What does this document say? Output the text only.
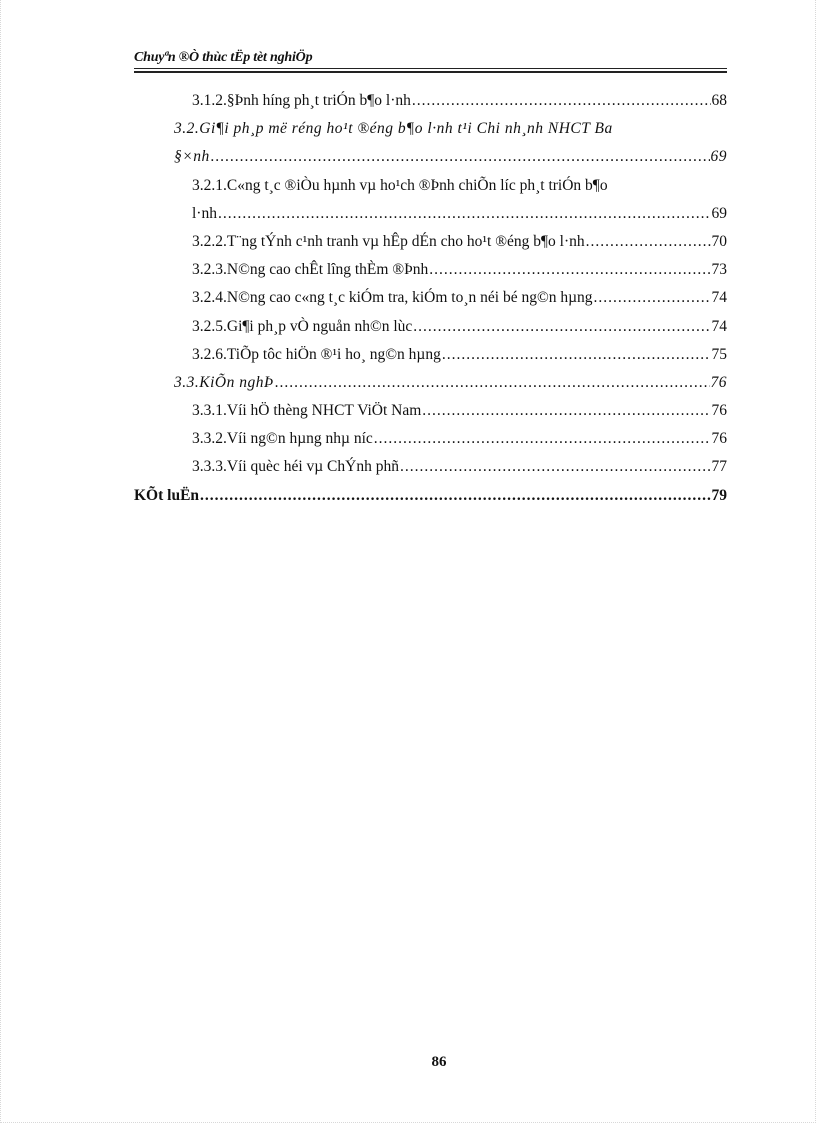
Chuyªn ®Ò thùc tËp tèt nghiÖp
3.1.2.§Þnh híng ph¸t triÓn b¶o l·nh .....	68
3.2.Gi¶i ph¸p më réng ho¹t ®éng b¶o l·nh t¹i Chi nh¸nh NHCT Ba
§×nh .....	69
3.2.1.C«ng t¸c ®iÒu hµnh vµ ho¹ch ®Þnh chiÕn líc ph¸t triÓn b¶o
l·nh .....	69
3.2.2.T¨ng tÝnh c¹nh tranh vµ hÊp dÉn cho ho¹t ®éng b¶o l·nh .....	70
3.2.3.N©ng cao chÊt lîng thÈm ®Þnh .....	73
3.2.4.N©ng cao c«ng t¸c kiÓm tra, kiÓm to¸n néi bé ng©n hµng .....	74
3.2.5.Gi¶i ph¸p vÒ nguån nh©n lùc .....	74
3.2.6.TiÕp tôc hiÖn ®¹i ho¸ ng©n hµng .....	75
3.3.KiÕn nghÞ .....	76
3.3.1.Víi hÖ thèng NHCT ViÖt Nam .....	76
3.3.2.Víi ng©n hµng nhµ níc .....	76
3.3.3.Víi quèc héi vµ ChÝnh phñ .....	77
KÕt luËn .....	79
86
